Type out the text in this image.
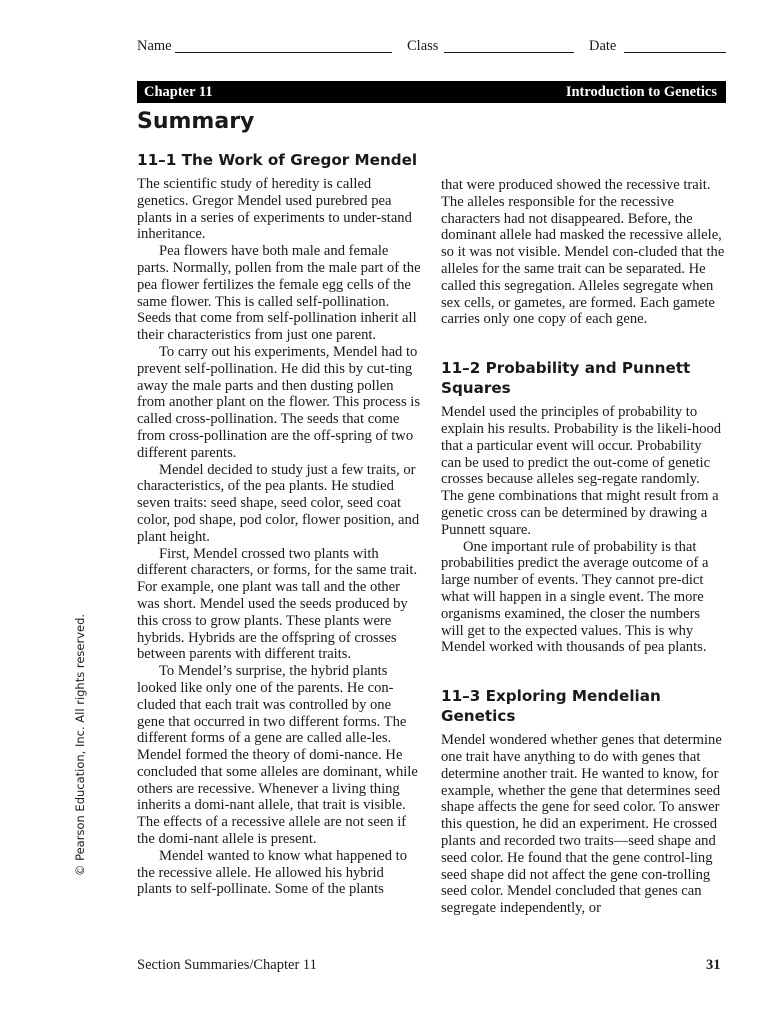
Name	Class	Date
Chapter 11	Introduction to Genetics
Summary
11–1 The Work of Gregor Mendel

The scientific study of heredity is called genetics. Gregor Mendel used purebred pea plants in a series of experiments to under-stand inheritance.

Pea flowers have both male and female parts. Normally, pollen from the male part of the pea flower fertilizes the female egg cells of the same flower. This is called self-pollination. Seeds that come from self-pollination inherit all their characteristics from just one parent.

To carry out his experiments, Mendel had to prevent self-pollination. He did this by cut-ting away the male parts and then dusting pollen from another plant on the flower. This process is called cross-pollination. The seeds that come from cross-pollination are the off-spring of two different parents.

Mendel decided to study just a few traits, or characteristics, of the pea plants. He studied seven traits: seed shape, seed color, seed coat color, pod shape, pod color, flower position, and plant height.

First, Mendel crossed two plants with different characters, or forms, for the same trait. For example, one plant was tall and the other was short. Mendel used the seeds produced by this cross to grow plants. These plants were hybrids. Hybrids are the offspring of crosses between parents with different traits.

To Mendel’s surprise, the hybrid plants looked like only one of the parents. He con-cluded that each trait was controlled by one gene that occurred in two different forms. The different forms of a gene are called alle-les. Mendel formed the theory of domi-nance. He concluded that some alleles are dominant, while others are recessive. Whenever a living thing inherits a domi-nant allele, that trait is visible. The effects of a recessive allele are not seen if the domi-nant allele is present.

Mendel wanted to know what happened to the recessive allele. He allowed his hybrid plants to self-pollinate. Some of the plants

that were produced showed the recessive trait. The alleles responsible for the recessive characters had not disappeared. Before, the dominant allele had masked the recessive allele, so it was not visible. Mendel con-cluded that the alleles for the same trait can be separated. He called this segregation. Alleles segregate when sex cells, or gametes, are formed. Each gamete carries only one copy of each gene.

11–2 Probability and Punnett Squares

Mendel used the principles of probability to explain his results. Probability is the likeli-hood that a particular event will occur. Probability can be used to predict the out-come of genetic crosses because alleles seg-regate randomly. The gene combinations that might result from a genetic cross can be determined by drawing a Punnett square.

One important rule of probability is that probabilities predict the average outcome of a large number of events. They cannot pre-dict what will happen in a single event. The more organisms examined, the closer the numbers will get to the expected values. This is why Mendel worked with thousands of pea plants.

11–3 Exploring Mendelian Genetics

Mendel wondered whether genes that determine one trait have anything to do with genes that determine another trait. He wanted to know, for example, whether the gene that determines seed shape affects the gene for seed color. To answer this question, he did an experiment. He crossed plants and recorded two traits—seed shape and seed color. He found that the gene control-ling seed shape did not affect the gene con-trolling seed color. Mendel concluded that genes can segregate independently, or

© Pearson Education, Inc. All rights reserved.
Section Summaries/Chapter 11	31
